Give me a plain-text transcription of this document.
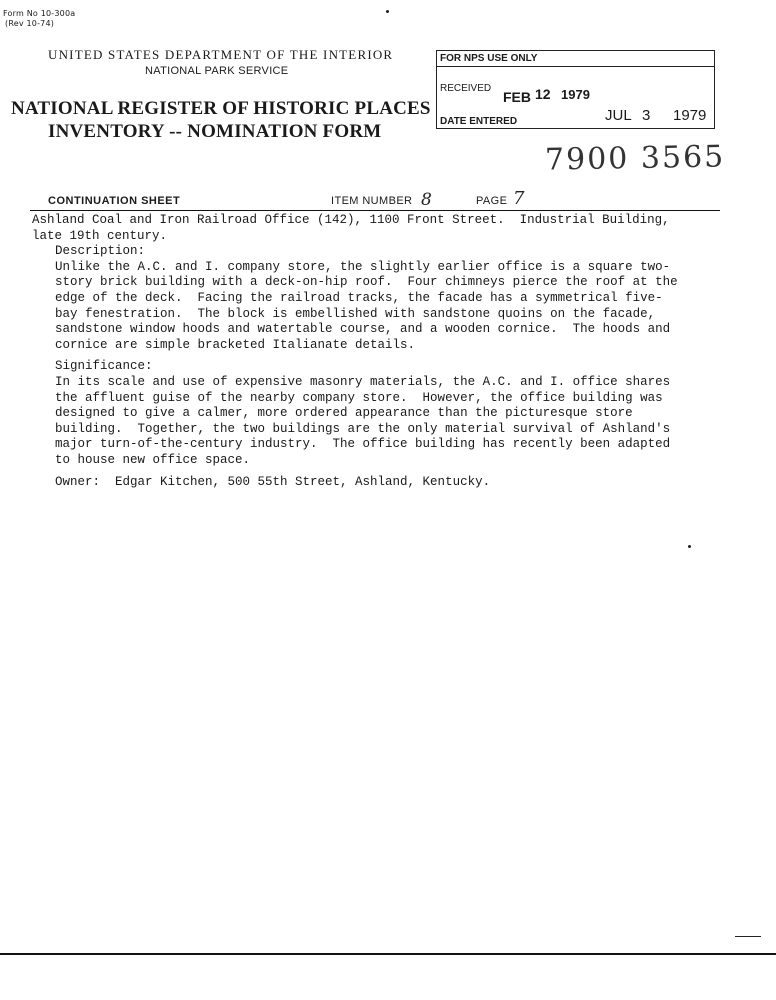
Form No 10-300a
(Rev 10-74)
UNITED STATES DEPARTMENT OF THE INTERIOR
NATIONAL PARK SERVICE
NATIONAL REGISTER OF HISTORIC PLACES
INVENTORY -- NOMINATION FORM
FOR NPS USE ONLY
RECEIVED
FEB 12 1979
DATE ENTERED	JUL 3 1979
7900 3565
CONTINUATION SHEET	ITEM NUMBER 8	PAGE 7
Ashland Coal and Iron Railroad Office (142), 1100 Front Street.  Industrial Building,
late 19th century.
Description:
Unlike the A.C. and I. company store, the slightly earlier office is a square two-
story brick building with a deck-on-hip roof.  Four chimneys pierce the roof at the
edge of the deck.  Facing the railroad tracks, the facade has a symmetrical five-
bay fenestration.  The block is embellished with sandstone quoins on the facade,
sandstone window hoods and watertable course, and a wooden cornice.  The hoods and
cornice are simple bracketed Italianate details.
Significance:
In its scale and use of expensive masonry materials, the A.C. and I. office shares
the affluent guise of the nearby company store.  However, the office building was
designed to give a calmer, more ordered appearance than the picturesque store
building.  Together, the two buildings are the only material survival of Ashland's
major turn-of-the-century industry.  The office building has recently been adapted
to house new office space.
Owner:  Edgar Kitchen, 500 55th Street, Ashland, Kentucky.
